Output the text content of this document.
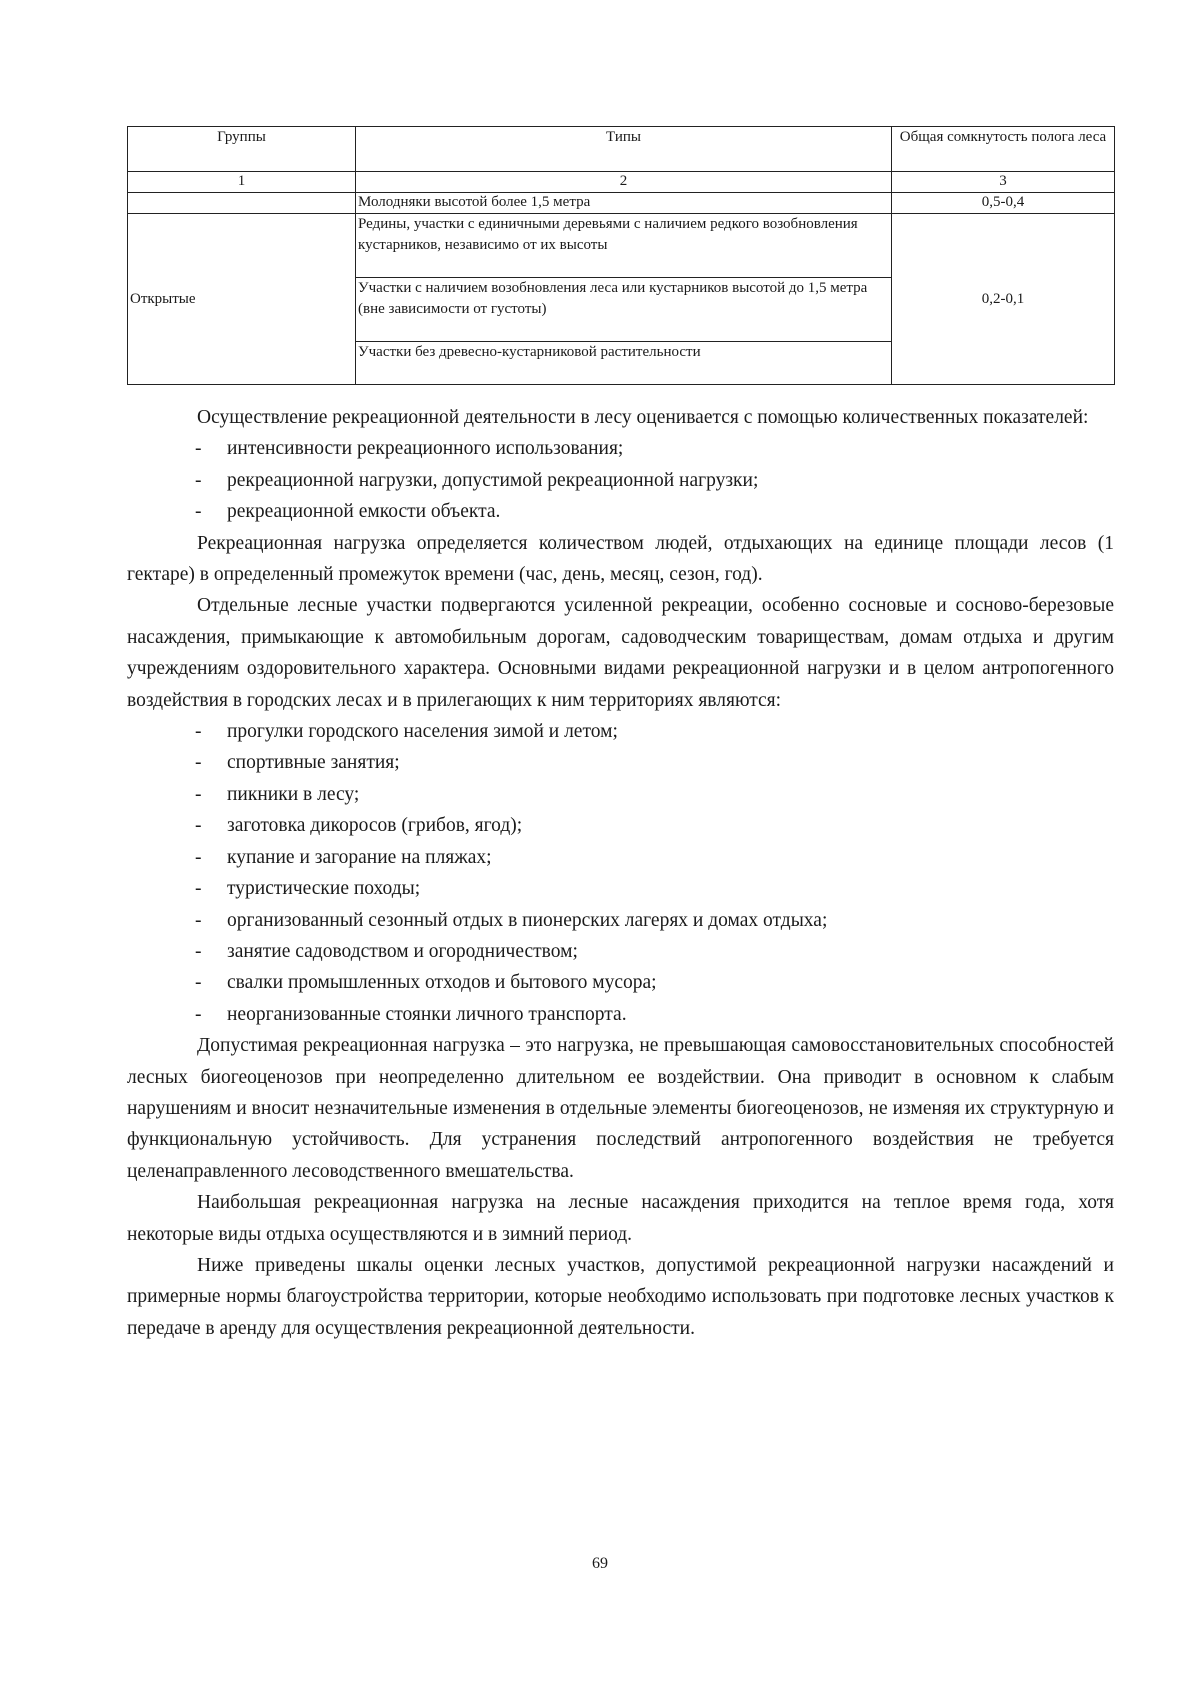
Группы	Типы	Общая сомкнутость полога леса
1	2	3
	Молодняки высотой более 1,5 метра	0,5-0,4
Открытые	Редины, участки с единичными деревьями с наличием редкого возобновления кустарников, независимо от их высоты	0,2-0,1
	Участки с наличием возобновления леса или кустарников высотой до 1,5 метра (вне зависимости от густоты)	
	Участки без древесно-кустарниковой растительности	

Осуществление рекреационной деятельности в лесу оценивается с помощью количественных показателей:

- интенсивности рекреационного использования;
- рекреационной нагрузки, допустимой рекреационной нагрузки;
- рекреационной емкости объекта.

Рекреационная нагрузка определяется количеством людей, отдыхающих на единице площади лесов (1 гектаре) в определенный промежуток времени (час, день, месяц, сезон, год).

Отдельные лесные участки подвергаются усиленной рекреации, особенно сосновые и сосново-березовые насаждения, примыкающие к автомобильным дорогам, садоводческим товариществам, домам отдыха и другим учреждениям оздоровительного характера. Основными видами рекреационной нагрузки и в целом антропогенного воздействия в городских лесах и в прилегающих к ним территориях являются:

- прогулки городского населения зимой и летом;
- спортивные занятия;
- пикники в лесу;
- заготовка дикоросов (грибов, ягод);
- купание и загорание на пляжах;
- туристические походы;
- организованный сезонный отдых в пионерских лагерях и домах отдыха;
- занятие садоводством и огородничеством;
- свалки промышленных отходов и бытового мусора;
- неорганизованные стоянки личного транспорта.

Допустимая рекреационная нагрузка – это нагрузка, не превышающая самовосстановительных способностей лесных биогеоценозов при неопределенно длительном ее воздействии. Она приводит в основном к слабым нарушениям и вносит незначительные изменения в отдельные элементы биогеоценозов, не изменяя их структурную и функциональную устойчивость. Для устранения последствий антропогенного воздействия не требуется целенаправленного лесоводственного вмешательства.

Наибольшая рекреационная нагрузка на лесные насаждения приходится на теплое время года, хотя некоторые виды отдыха осуществляются и в зимний период.

Ниже приведены шкалы оценки лесных участков, допустимой рекреационной нагрузки насаждений и примерные нормы благоустройства территории, которые необходимо использовать при подготовке лесных участков к передаче в аренду для осуществления рекреационной деятельности.

69
